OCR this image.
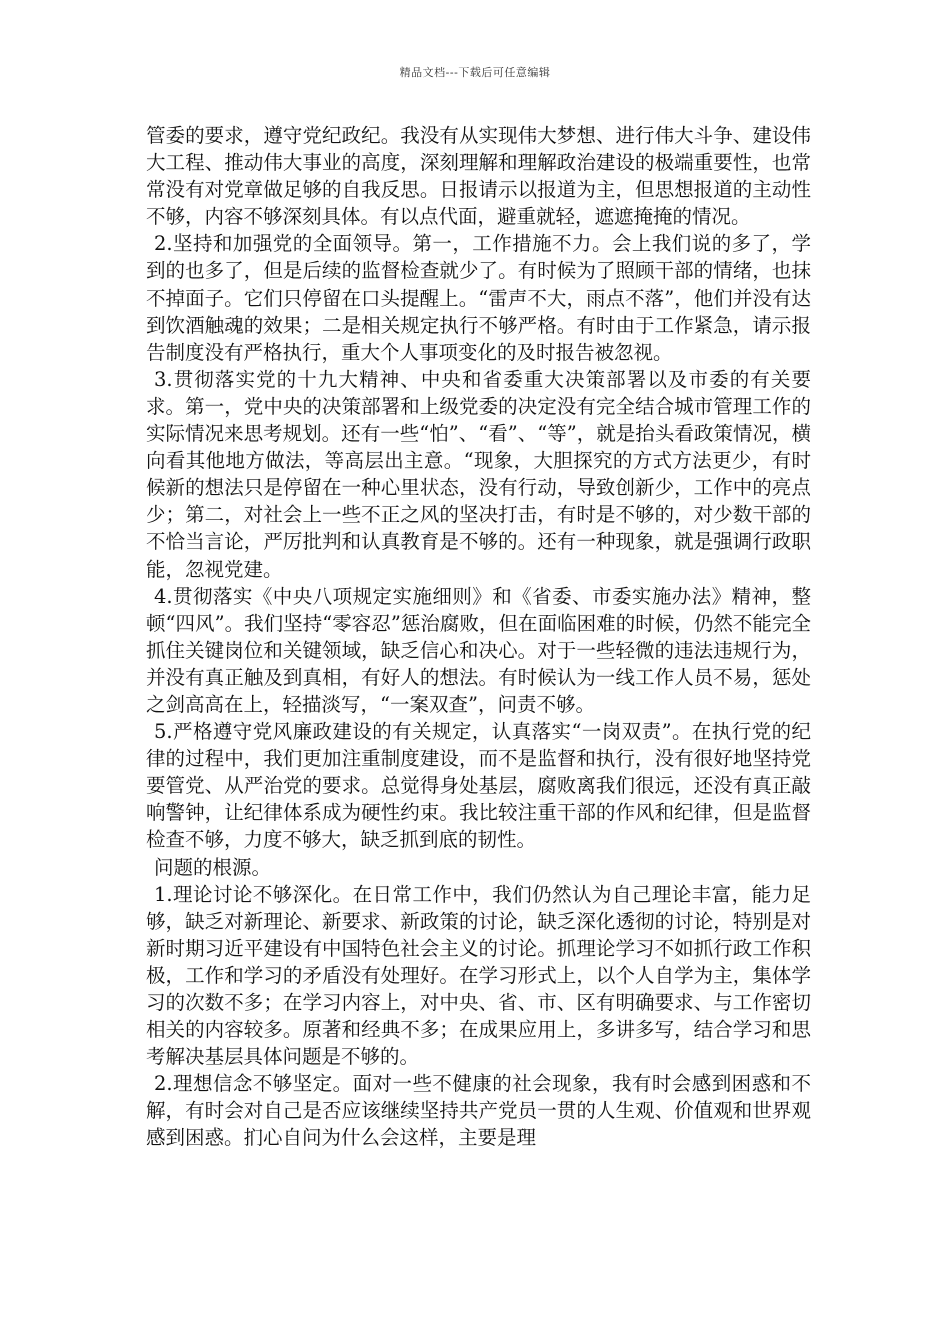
精品文档---下载后可任意编辑

管委的要求，遵守党纪政纪。我没有从实现伟大梦想、进行伟大斗争、建设伟大工程、推动伟大事业的高度，深刻理解和理解政治建设的极端重要性，也常常没有对党章做足够的自我反思。日报请示以报道为主，但思想报道的主动性不够，内容不够深刻具体。有以点代面，避重就轻，遮遮掩掩的情况。

2.坚持和加强党的全面领导。第一，工作措施不力。会上我们说的多了，学到的也多了，但是后续的监督检查就少了。有时候为了照顾干部的情绪，也抹不掉面子。它们只停留在口头提醒上。“雷声不大，雨点不落”，他们并没有达到饮酒触魂的效果；二是相关规定执行不够严格。有时由于工作紧急，请示报告制度没有严格执行，重大个人事项变化的及时报告被忽视。

3.贯彻落实党的十九大精神、中央和省委重大决策部署以及市委的有关要求。第一，党中央的决策部署和上级党委的决定没有完全结合城市管理工作的实际情况来思考规划。还有一些“怕”、“看”、“等”，就是抬头看政策情况，横向看其他地方做法，等高层出主意。“现象，大胆探究的方式方法更少，有时候新的想法只是停留在一种心里状态，没有行动，导致创新少，工作中的亮点少；第二，对社会上一些不正之风的坚决打击，有时是不够的，对少数干部的不恰当言论，严厉批判和认真教育是不够的。还有一种现象，就是强调行政职能，忽视党建。

4.贯彻落实《中央八项规定实施细则》和《省委、市委实施办法》精神，整顿“四风”。我们坚持“零容忍”惩治腐败，但在面临困难的时候，仍然不能完全抓住关键岗位和关键领域，缺乏信心和决心。对于一些轻微的违法违规行为，并没有真正触及到真相，有好人的想法。有时候认为一线工作人员不易，惩处之剑高高在上，轻描淡写，“一案双查”，问责不够。

5.严格遵守党风廉政建设的有关规定，认真落实“一岗双责”。在执行党的纪律的过程中，我们更加注重制度建设，而不是监督和执行，没有很好地坚持党要管党、从严治党的要求。总觉得身处基层，腐败离我们很远，还没有真正敲响警钟，让纪律体系成为硬性约束。我比较注重干部的作风和纪律，但是监督检查不够，力度不够大，缺乏抓到底的韧性。

问题的根源。

1.理论讨论不够深化。在日常工作中，我们仍然认为自己理论丰富，能力足够，缺乏对新理论、新要求、新政策的讨论，缺乏深化透彻的讨论，特别是对新时期习近平建设有中国特色社会主义的讨论。抓理论学习不如抓行政工作积极，工作和学习的矛盾没有处理好。在学习形式上，以个人自学为主，集体学习的次数不多；在学习内容上，对中央、省、市、区有明确要求、与工作密切相关的内容较多。原著和经典不多；在成果应用上，多讲多写，结合学习和思考解决基层具体问题是不够的。

2.理想信念不够坚定。面对一些不健康的社会现象，我有时会感到困惑和不解，有时会对自己是否应该继续坚持共产党员一贯的人生观、价值观和世界观感到困惑。扪心自问为什么会这样，主要是理
